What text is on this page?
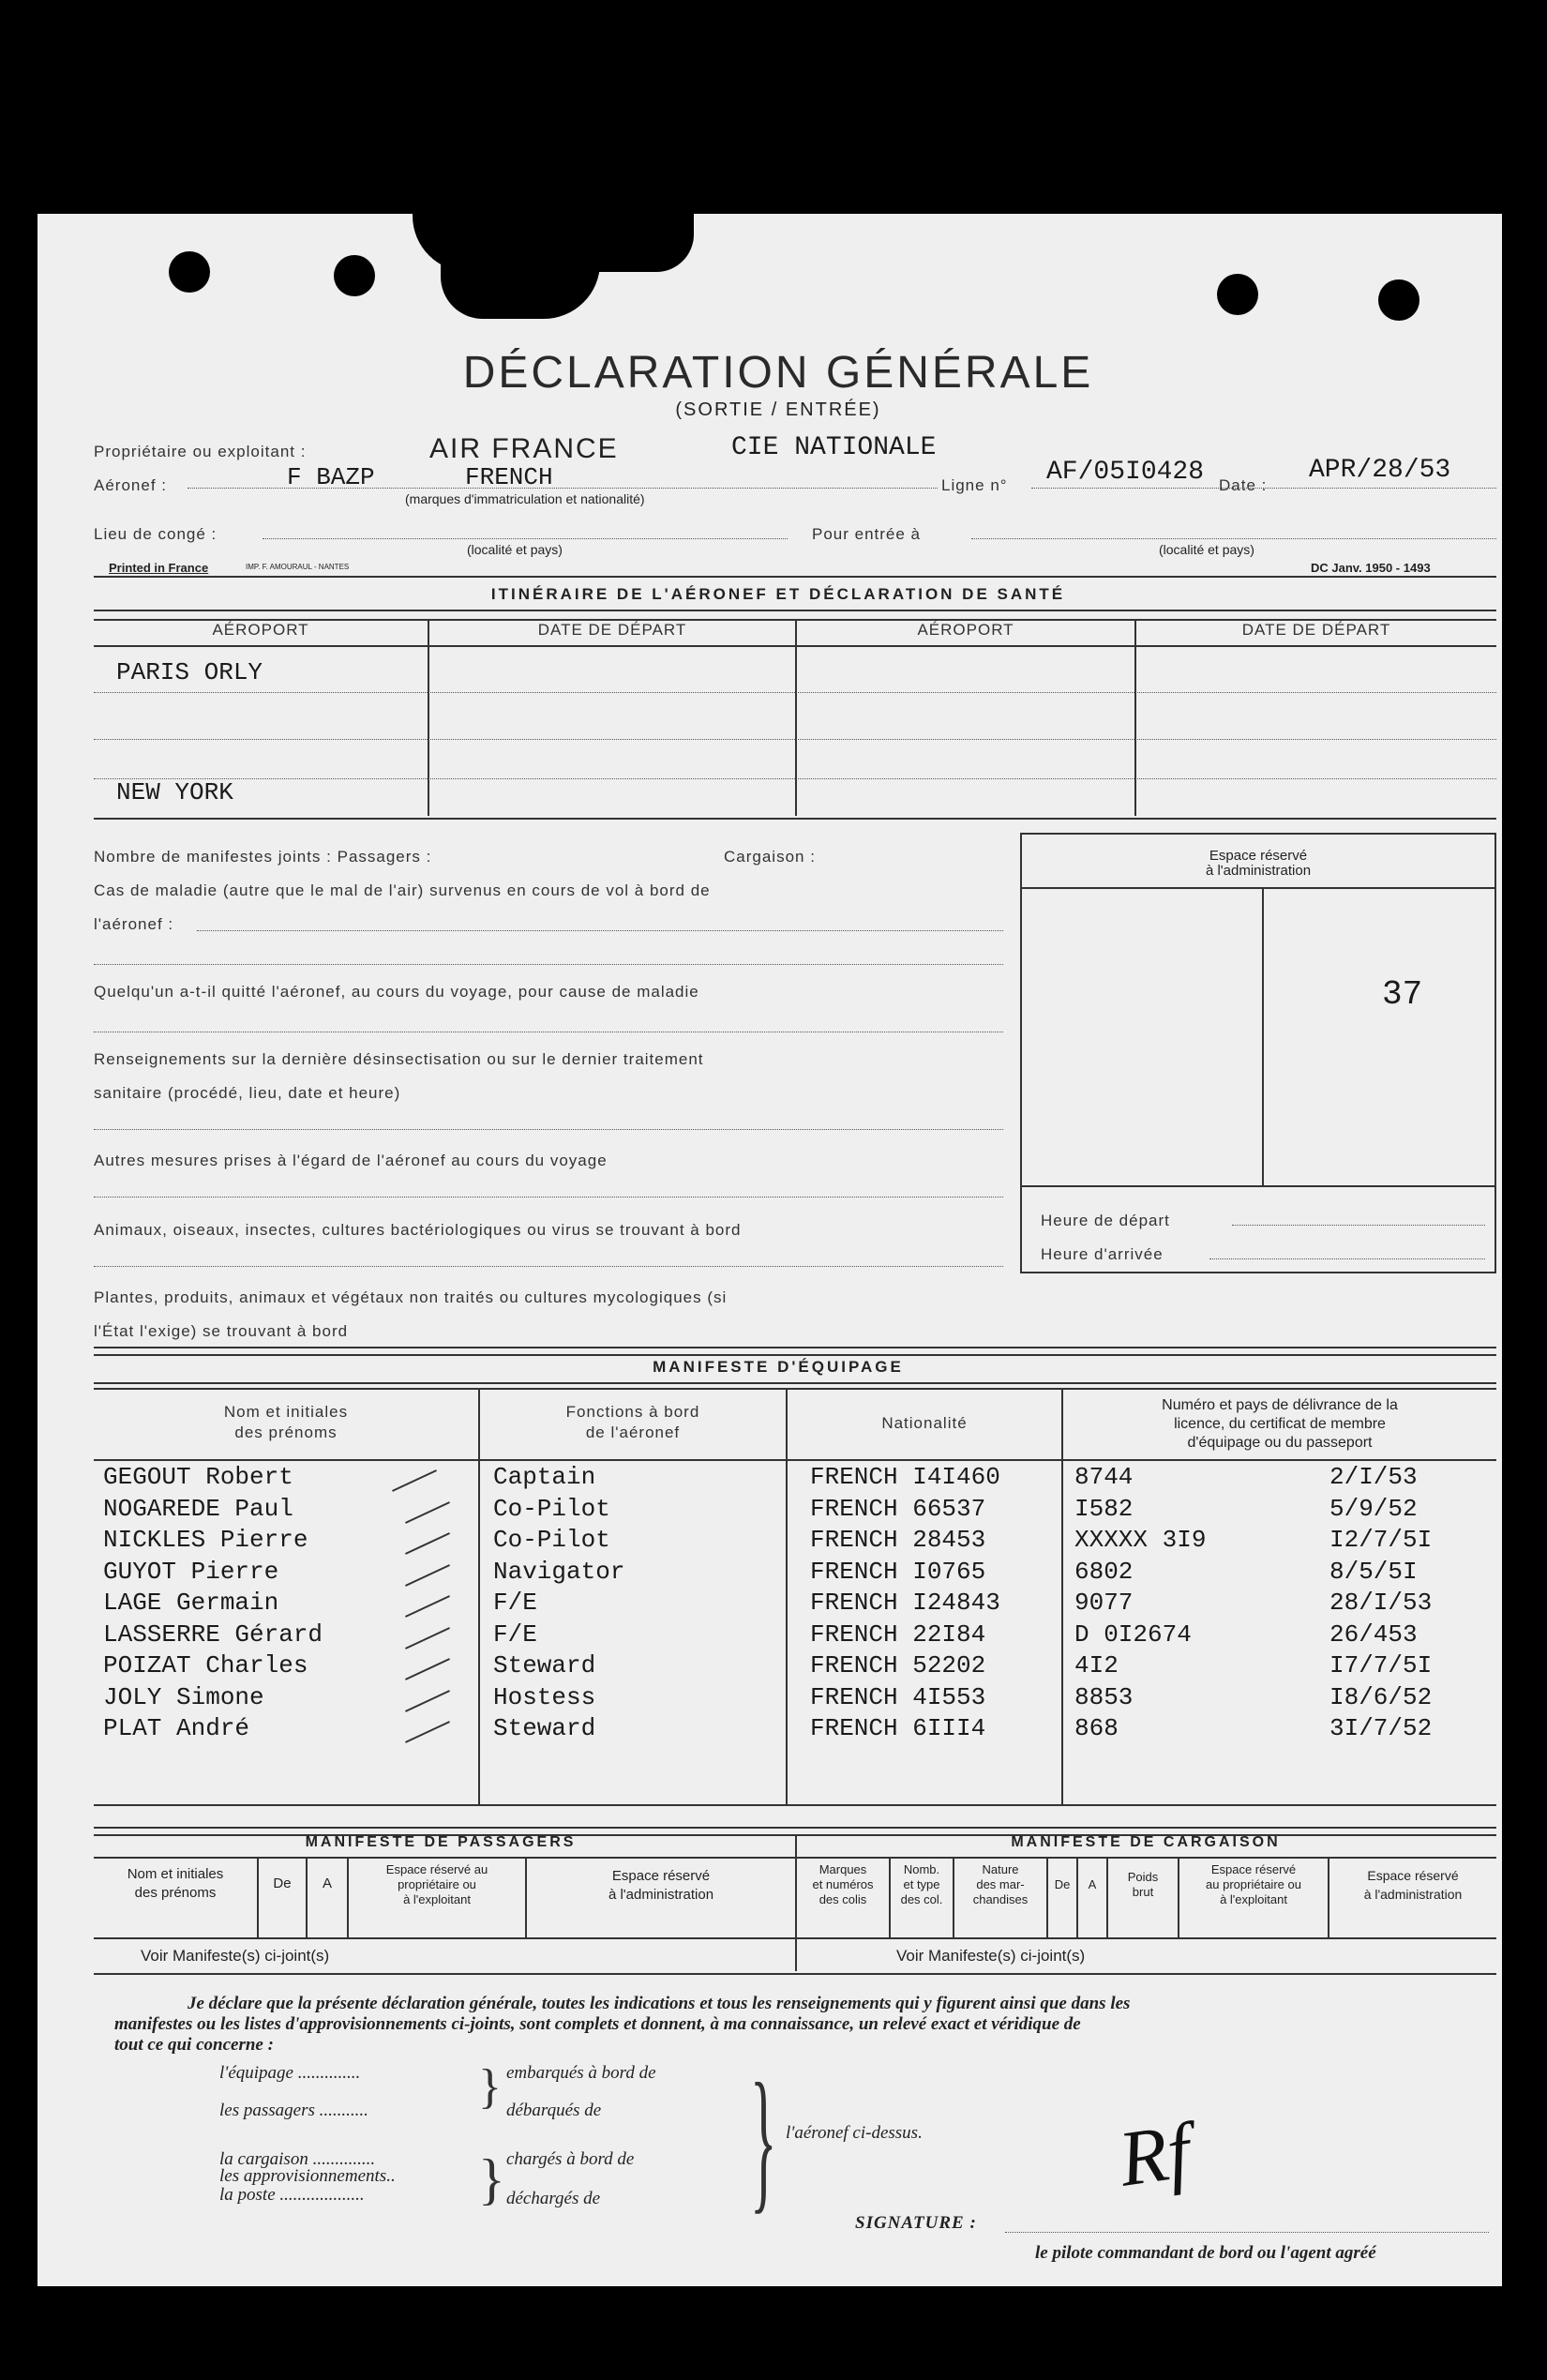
DÉCLARATION GÉNÉRALE
(SORTIE / ENTRÉE)
Propriétaire ou exploitant :	AIR FRANCE	CIE NATIONALE
Aéronef :	F BAZP	FRENCH
(marques d'immatriculation et nationalité)
Ligne n° AF/05I0428 Date :
APR/28/53
Lieu de congé :
(localité et pays)
Pour entrée à
(localité et pays)
Printed in France	IMP. F. AMOURAUL - NANTES	DC Janv. 1950 - 1493
ITINÉRAIRE DE L'AÉRONEF ET DÉCLARATION DE SANTÉ
AÉROPORT	DATE DE DÉPART	AÉROPORT	DATE DE DÉPART
PARIS ORLY
NEW YORK
Nombre de manifestes joints : Passagers :	Cargaison :
Cas de maladie (autre que le mal de l'air) survenus en cours de vol à bord de
l'aéronef :
Quelqu'un a-t-il quitté l'aéronef, au cours du voyage, pour cause de maladie
Renseignements sur la dernière désinsectisation ou sur le dernier traitement
sanitaire (procédé, lieu, date et heure)
Autres mesures prises à l'égard de l'aéronef au cours du voyage
Animaux, oiseaux, insectes, cultures bactériologiques ou virus se trouvant à bord
Plantes, produits, animaux et végétaux non traités ou cultures mycologiques (si
l'État l'exige) se trouvant à bord
Espace réservé
à l'administration
37
Heure de départ
Heure d'arrivée
MANIFESTE D'ÉQUIPAGE
Nom et initiales
des prénoms
Fonctions à bord
de l'aéronef
Nationalité
Numéro et pays de délivrance de la
licence, du certificat de membre
d'équipage ou du passeport
GEGOUT Robert	Captain	FRENCH I4I460	8744	2/I/53
NOGAREDE Paul	Co-Pilot	FRENCH 66537	I582	5/9/52
NICKLES Pierre	Co-Pilot	FRENCH 28453	XXXXX 3I9	I2/7/5I
GUYOT Pierre	Navigator	FRENCH I0765	6802	8/5/5I
LAGE Germain	F/E	FRENCH I24843	9077	28/I/53
LASSERRE Gérard	F/E	FRENCH 22I84	D 0I2674	26/453
POIZAT Charles	Steward	FRENCH 52202	4I2	I7/7/5I
JOLY Simone	Hostess	FRENCH 4I553	8853	I8/6/52
PLAT André	Steward	FRENCH 6III4	868	3I/7/52
MANIFESTE DE PASSAGERS	MANIFESTE DE CARGAISON
Nom et initiales
des prénoms
De	A
Espace réservé au
propriétaire ou
à l'exploitant
Espace réservé
à l'administration
Voir Manifeste(s) ci-joint(s)
Marques
et numéros
des colis
Nomb.
et type
des col.
Nature
des mar-
chandises
De	A
Poids
brut
Espace réservé
au propriétaire ou
à l'exploitant
Espace réservé
à l'administration
Voir Manifeste(s) ci-joint(s)
Je déclare que la présente déclaration générale, toutes les indications et tous les renseignements qui y figurent ainsi que dans les
manifestes ou les listes d'approvisionnements ci-joints, sont complets et donnent, à ma connaissance, un relevé exact et véridique de
tout ce qui concerne :
l'équipage ..............
les passagers ...........
la cargaison ..............
les approvisionnements..
la poste ...................
}
}
embarqués à bord de
débarqués de
chargés à bord de
déchargés de } l'aéronef ci-dessus. Rf
SIGNATURE :
le pilote commandant de bord ou l'agent agréé
